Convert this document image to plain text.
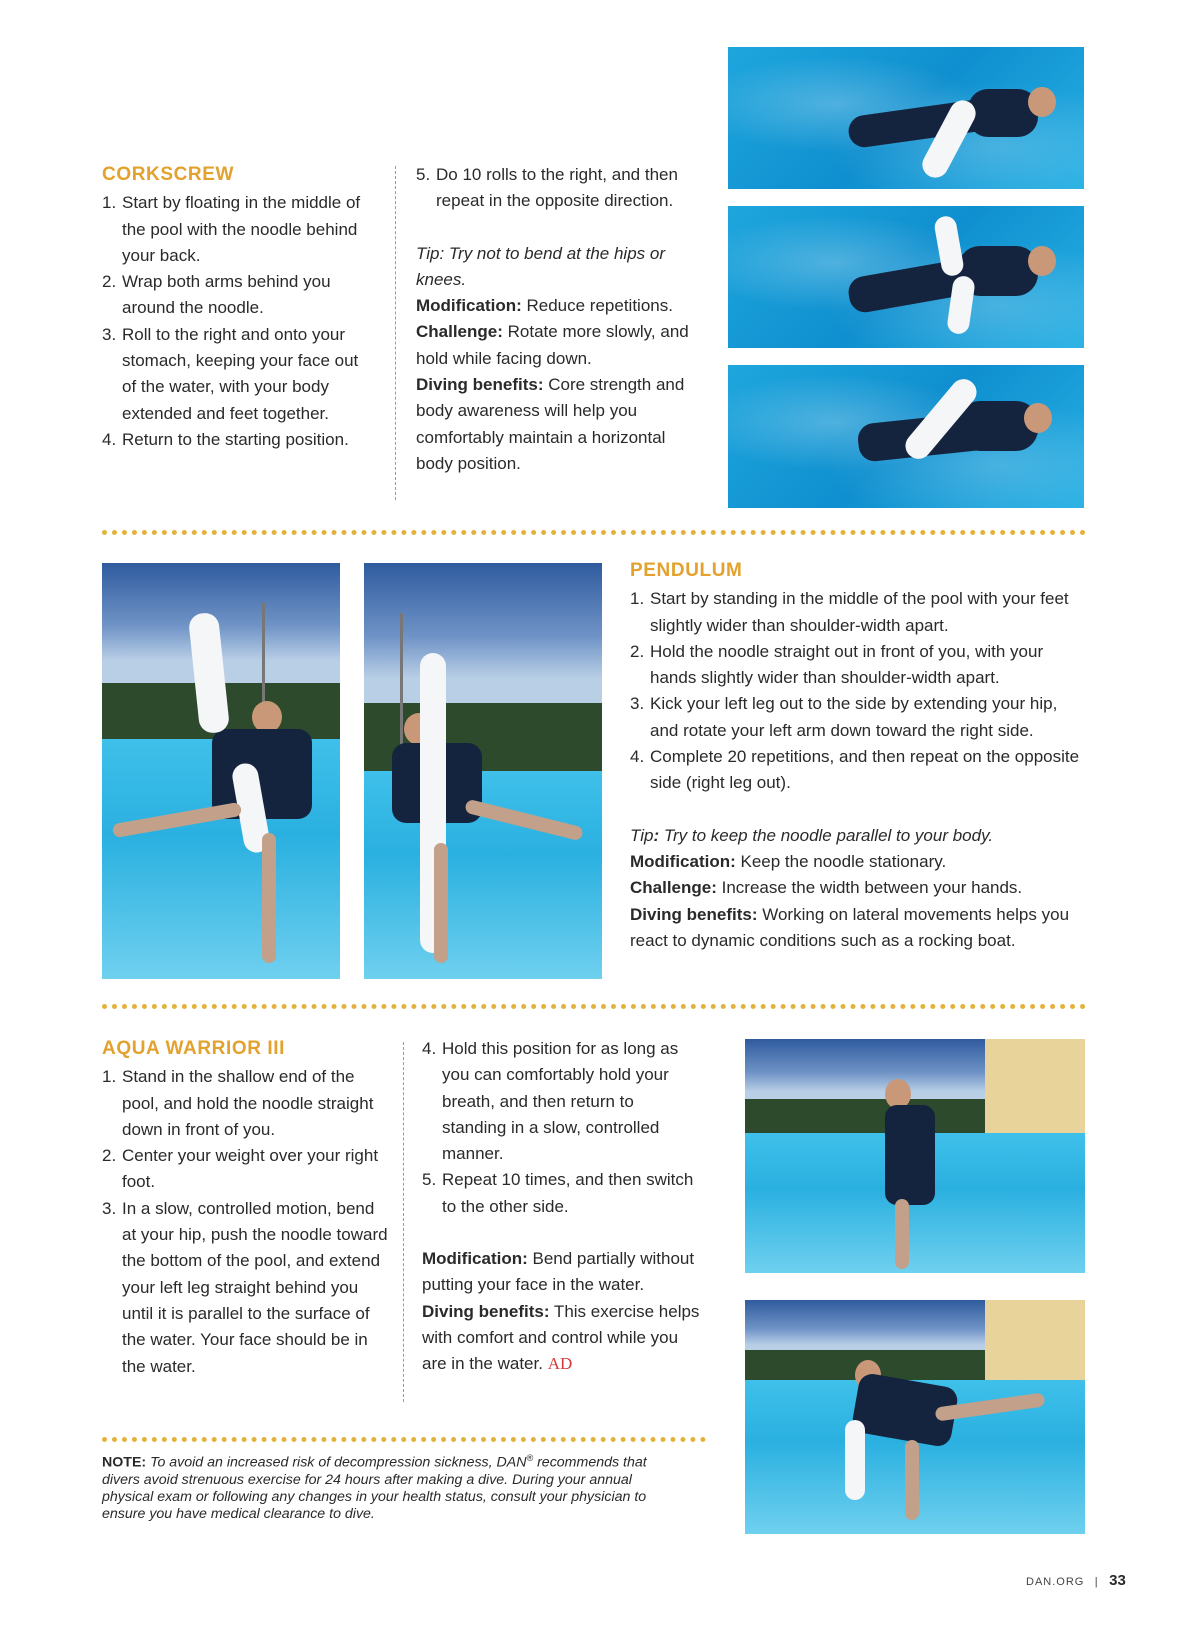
CORKSCREW
1. Start by floating in the middle of the pool with the noodle behind your back.
2. Wrap both arms behind you around the noodle.
3. Roll to the right and onto your stomach, keeping your face out of the water, with your body extended and feet together.
4. Return to the starting position.
5. Do 10 rolls to the right, and then repeat in the opposite direction.
Tip: Try not to bend at the hips or knees.
Modification: Reduce repetitions.
Challenge: Rotate more slowly, and hold while facing down.
Diving benefits: Core strength and body awareness will help you comfortably maintain a horizontal body position.
PENDULUM
1. Start by standing in the middle of the pool with your feet slightly wider than shoulder-width apart.
2. Hold the noodle straight out in front of you, with your hands slightly wider than shoulder-width apart.
3. Kick your left leg out to the side by extending your hip, and rotate your left arm down toward the right side.
4. Complete 20 repetitions, and then repeat on the opposite side (right leg out).
Tip: Try to keep the noodle parallel to your body.
Modification: Keep the noodle stationary.
Challenge: Increase the width between your hands.
Diving benefits: Working on lateral movements helps you react to dynamic conditions such as a rocking boat.
AQUA WARRIOR III
1. Stand in the shallow end of the pool, and hold the noodle straight down in front of you.
2. Center your weight over your right foot.
3. In a slow, controlled motion, bend at your hip, push the noodle toward the bottom of the pool, and extend your left leg straight behind you until it is parallel to the surface of the water. Your face should be in the water.
4. Hold this position for as long as you can comfortably hold your breath, and then return to standing in a slow, controlled manner.
5. Repeat 10 times, and then switch to the other side.
Modification: Bend partially without putting your face in the water.
Diving benefits: This exercise helps with comfort and control while you are in the water. AD
NOTE: To avoid an increased risk of decompression sickness, DAN® recommends that divers avoid strenuous exercise for 24 hours after making a dive. During your annual physical exam or following any changes in your health status, consult your physician to ensure you have medical clearance to dive.
DAN.ORG | 33
